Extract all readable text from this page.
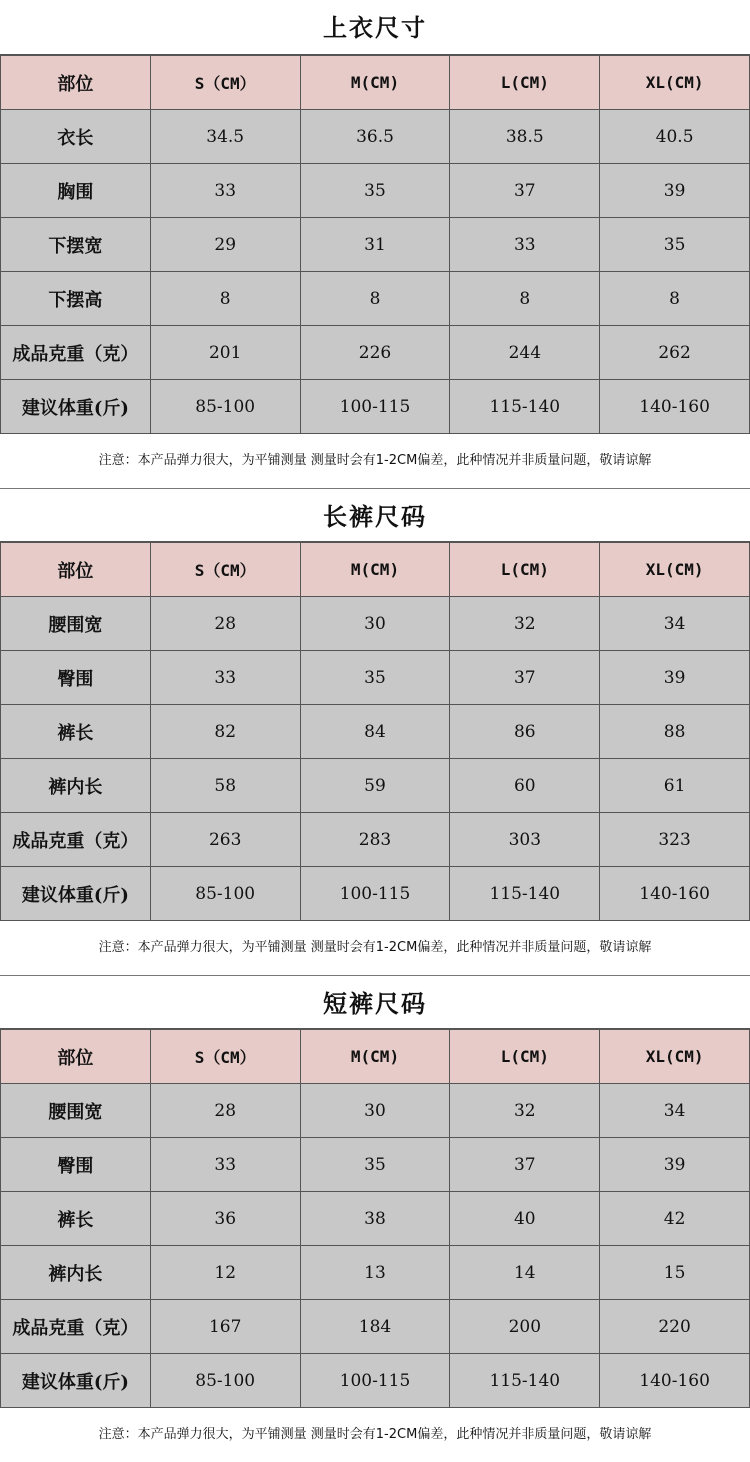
上衣尺寸
部位	S（CM）	M(CM)	L(CM)	XL(CM)
衣长	34.5	36.5	38.5	40.5
胸围	33	35	37	39
下摆宽	29	31	33	35
下摆高	8	8	8	8
成品克重（克）	201	226	244	262
建议体重(斤)	85-100	100-115	115-140	140-160
注意：本产品弹力很大，为平铺测量 测量时会有1-2CM偏差，此种情况并非质量问题，敬请谅解
长裤尺码
部位	S（CM）	M(CM)	L(CM)	XL(CM)
腰围宽	28	30	32	34
臀围	33	35	37	39
裤长	82	84	86	88
裤内长	58	59	60	61
成品克重（克）	263	283	303	323
建议体重(斤)	85-100	100-115	115-140	140-160
注意：本产品弹力很大，为平铺测量 测量时会有1-2CM偏差，此种情况并非质量问题，敬请谅解
短裤尺码
部位	S（CM）	M(CM)	L(CM)	XL(CM)
腰围宽	28	30	32	34
臀围	33	35	37	39
裤长	36	38	40	42
裤内长	12	13	14	15
成品克重（克）	167	184	200	220
建议体重(斤)	85-100	100-115	115-140	140-160
注意：本产品弹力很大，为平铺测量 测量时会有1-2CM偏差，此种情况并非质量问题，敬请谅解
